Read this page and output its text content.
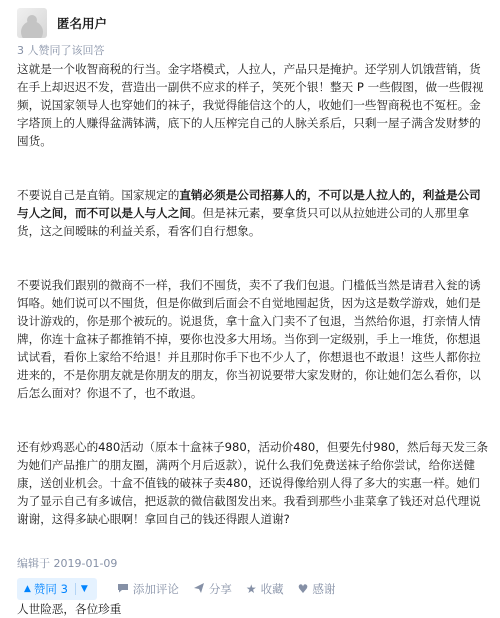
匿名用户
3 人赞同了该回答

这就是一个收智商税的行当。金字塔模式，人拉人，产品只是掩护。还学别人饥饿营销，货在手上却迟迟不发，营造出一副供不应求的样子，笑死个银！整天 P 一些假图，做一些假视频，说国家领导人也穿她们的袜子，我觉得能信这个的人，收她们一些智商税也不冤枉。金字塔顶上的人赚得盆满钵满，底下的人压榨完自己的人脉关系后，只剩一屋子满含发财梦的囤货。

不要说自己是直销。国家规定的直销必须是公司招募人的，不可以是人拉人的，利益是公司与人之间，而不可以是人与人之间。但是袜元素，要拿货只可以从拉她进公司的人那里拿货，这之间暧昧的利益关系，看客们自行想象。

不要说我们跟别的微商不一样，我们不囤货，卖不了我们包退。门槛低当然是请君入瓮的诱饵咯。她们说可以不囤货，但是你做到后面会不自觉地囤起货，因为这是数学游戏，她们是设计游戏的，你是那个被玩的。说退货，拿十盒入门卖不了包退，当然给你退，打亲情人情牌，你连十盒袜子都推销不掉，要你也没多大用场。当你到一定级别，手上一堆货，你想退试试看，看你上家给不给退！并且那时你手下也不少人了，你想退也不敢退！这些人都你拉进来的，不是你朋友就是你朋友的朋友，你当初说要带大家发财的，你让她们怎么看你，以后怎么面对？你退不了，也不敢退。

还有炒鸡恶心的480活动（原本十盒袜子980，活动价480，但要先付980，然后每天发三条为她们产品推广的朋友圈，满两个月后返款），说什么我们免费送袜子给你尝试，给你送健康，送创业机会。十盒不值钱的破袜子卖480，还说得像给别人得了多大的实惠一样。她们为了显示自己有多诚信，把返款的微信截图发出来。我看到那些小韭菜拿了钱还对总代理说谢谢，这得多缺心眼啊！拿回自己的钱还得跟人道谢?

人世险恶，各位珍重

编辑于 2019-01-09
▲ 赞同 3 ▼	添加评论	分享 ★ 收藏 ♥ 感谢
